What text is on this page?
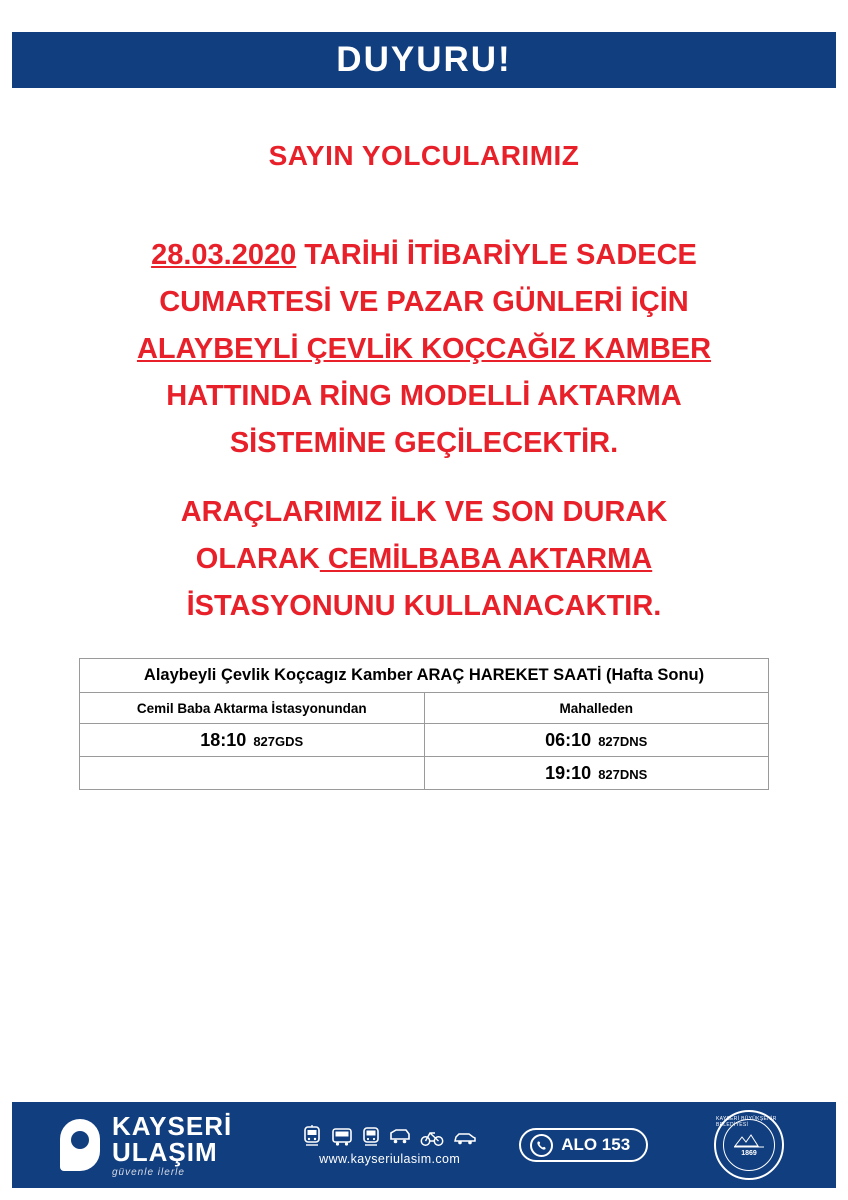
DUYURU!
SAYIN YOLCULARIMIZ
28.03.2020 TARİHİ İTİBARİYLE SADECE
CUMARTESİ VE PAZAR GÜNLERİ İÇİN
ALAYBEYLİ ÇEVLİK KOÇCAĞIZ KAMBER
HATTINDA RİNG MODELLİ AKTARMA
SİSTEMİNE GEÇİLECEKTİR.
ARAÇLARIMIZ İLK VE SON DURAK
OLARAK CEMİLBABA AKTARMA
İSTASYONUNU KULLANACAKTIR.
Alaybeyli Çevlik Koçcagız Kamber ARAÇ HAREKET SAATİ (Hafta Sonu)	
Cemil Baba Aktarma İstasyonundan	Mahalleden
18:10 827GDS	06:10 827DNS
	19:10 827DNS
KAYSERİ
ULAŞIM
güvenle ilerle
www.kayseriulasim.com
ALO 153
KAYSERİ BÜYÜKŞEHİR BELEDİYESİ
1869
